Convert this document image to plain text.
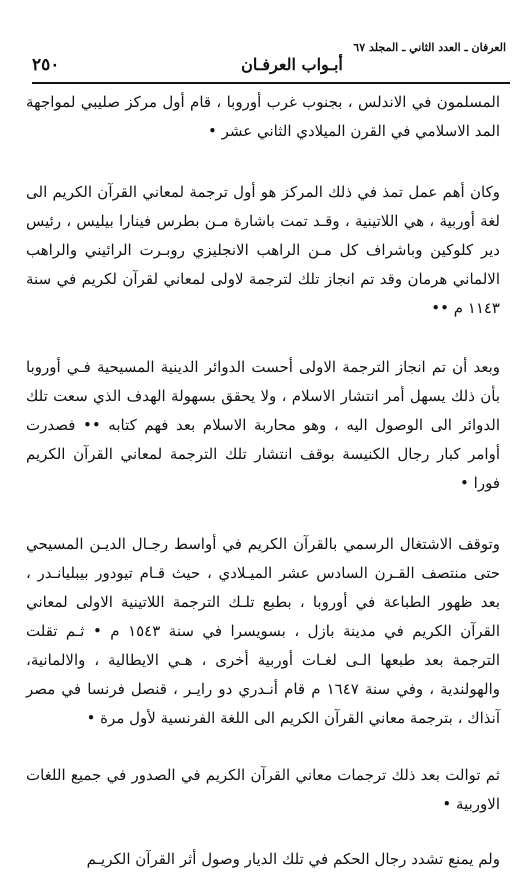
٢٥٠	أبـواب العرفـان
العرفان ـ العدد الثاني ـ المجلد ٦٧

المسلمون في الاندلس ، بجنوب غرب أوروبا ، قام أول مركز صليبي لمواجهة المد الاسلامي في القرن الميلادي الثاني عشر •

وكان أهم عمل تمذ في ذلك المركز هو أول ترجمة لمعاني القرآن الكريم الى لغة أوربية ، هي اللاتينية ، وقـد تمت باشارة مـن بطرس فينارا بيليس ، رئيس دير كلوكين وباشراف كل مـن الراهب الانجليزي روبـرت الرائيني والراهب الالماني هرمان وقد تم انجاز تلك لترجمة لاولى لمعاني لقرآن لكريم في سنة ١١٤٣ م ••

وبعد أن تم انجاز الترجمة الاولى أحست الدوائر الدينية المسيحية فـي أوروبا بأن ذلك يسهل أمر انتشار الاسلام ، ولا يحقق بسهولة الهدف الذي سعت تلك الدوائر الى الوصول اليه ، وهو محاربة الاسلام بعد فهم كتابه •• فصدرت أوامر كبار رجال الكنيسة بوقف انتشار تلك الترجمة لمعاني القرآن الكريم فورا •

وتوقف الاشتغال الرسمي بالقرآن الكريم في أواسط رجـال الديـن المسيحي حتى منتصف القـرن السادس عشر الميـلادي ، حيث قـام تيودور بيبليانـدر ، بعد ظهور الطباعة في أوروبا ، بطبع تلـك الترجمة اللاتينية الاولى لمعاني القرآن الكريم في مدينة بازل ، بسويسرا في سنة ١٥٤٣ م • ثـم تقلت الترجمة بعد طبعها الـى لغـات أوربية أخرى ، هـي الايطالية ، والالمانية، والهولندية ، وفي سنة ١٦٤٧ م قام أنـدري دو رايـر ، قنصل فرنسا في مصر آنذاك ، بترجمة معاني القرآن الكريم الى اللغة الفرنسية لأول مرة •

ثم توالت بعد ذلك ترجمات معاني القرآن الكريم في الصدور في جميع اللغات الاوربية •

ولم يمنع تشدد رجال الحكم في تلك الديار وصول أثر القرآن الكريـم
